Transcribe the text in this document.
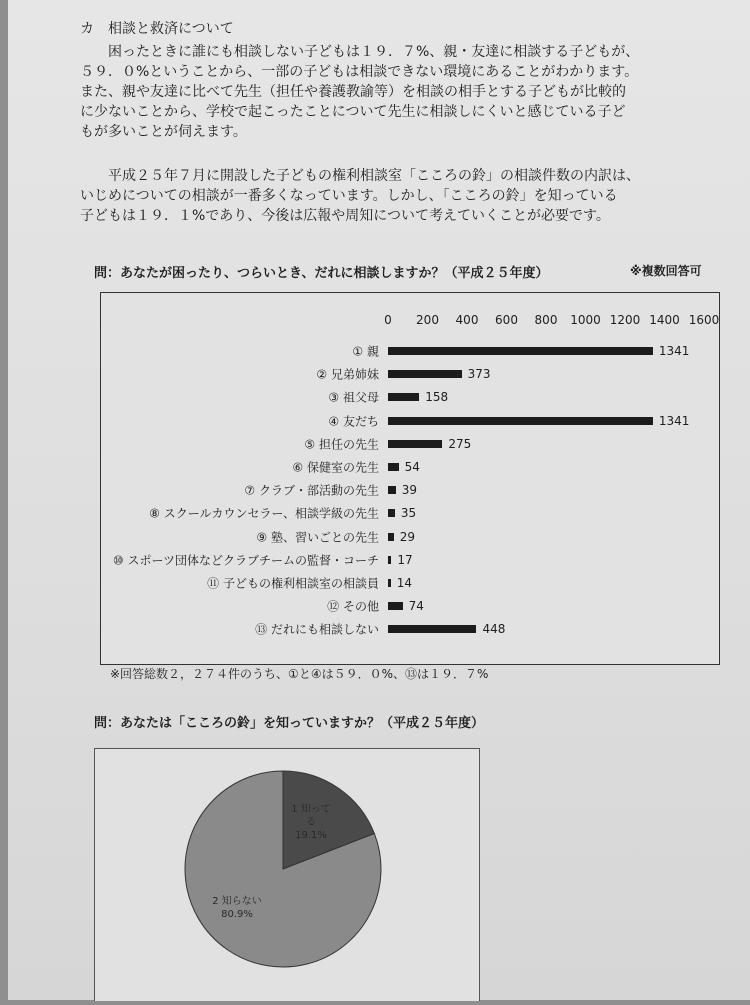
カ　相談と救済について

困ったときに誰にも相談しない子どもは１９．７%、親・友達に相談する子どもが、

５９．０%ということから、一部の子どもは相談できない環境にあることがわかります。

また、親や友達に比べて先生（担任や養護教諭等）を相談の相手とする子どもが比較的

に少ないことから、学校で起こったことについて先生に相談しにくいと感じている子ど

もが多いことが伺えます。

平成２５年７月に開設した子どもの権利相談室「こころの鈴」の相談件数の内訳は、

いじめについての相談が一番多くなっています。しかし、「こころの鈴」を知っている

子どもは１９．１%であり、今後は広報や周知について考えていくことが必要です。

問：あなたが困ったり、つらいとき、だれに相談しますか？（平成２５年度）	※複数回答可
0 200 400 600 800 1000 1200 1400 1600
① 親	1341
② 兄弟姉妹	373
③ 祖父母	158
④ 友だち	1341
⑤ 担任の先生	275
⑥ 保健室の先生 54
⑦ クラブ・部活動の先生 39
⑧ スクールカウンセラー、相談学級の先生 35
⑨ 塾、習いごとの先生 29
⑩ スポーツ団体などクラブチームの監督・コーチ 17
⑪ 子どもの権利相談室の相談員 14
⑫ その他 74
⑬ だれにも相談しない	448
※回答総数２，２７４件のうち、①と④は５９．０%、⑬は１９．７%
問：あなたは「こころの鈴」を知っていますか？（平成２５年度）
1 知ってる
19.1%
2 知らない
80.9%
